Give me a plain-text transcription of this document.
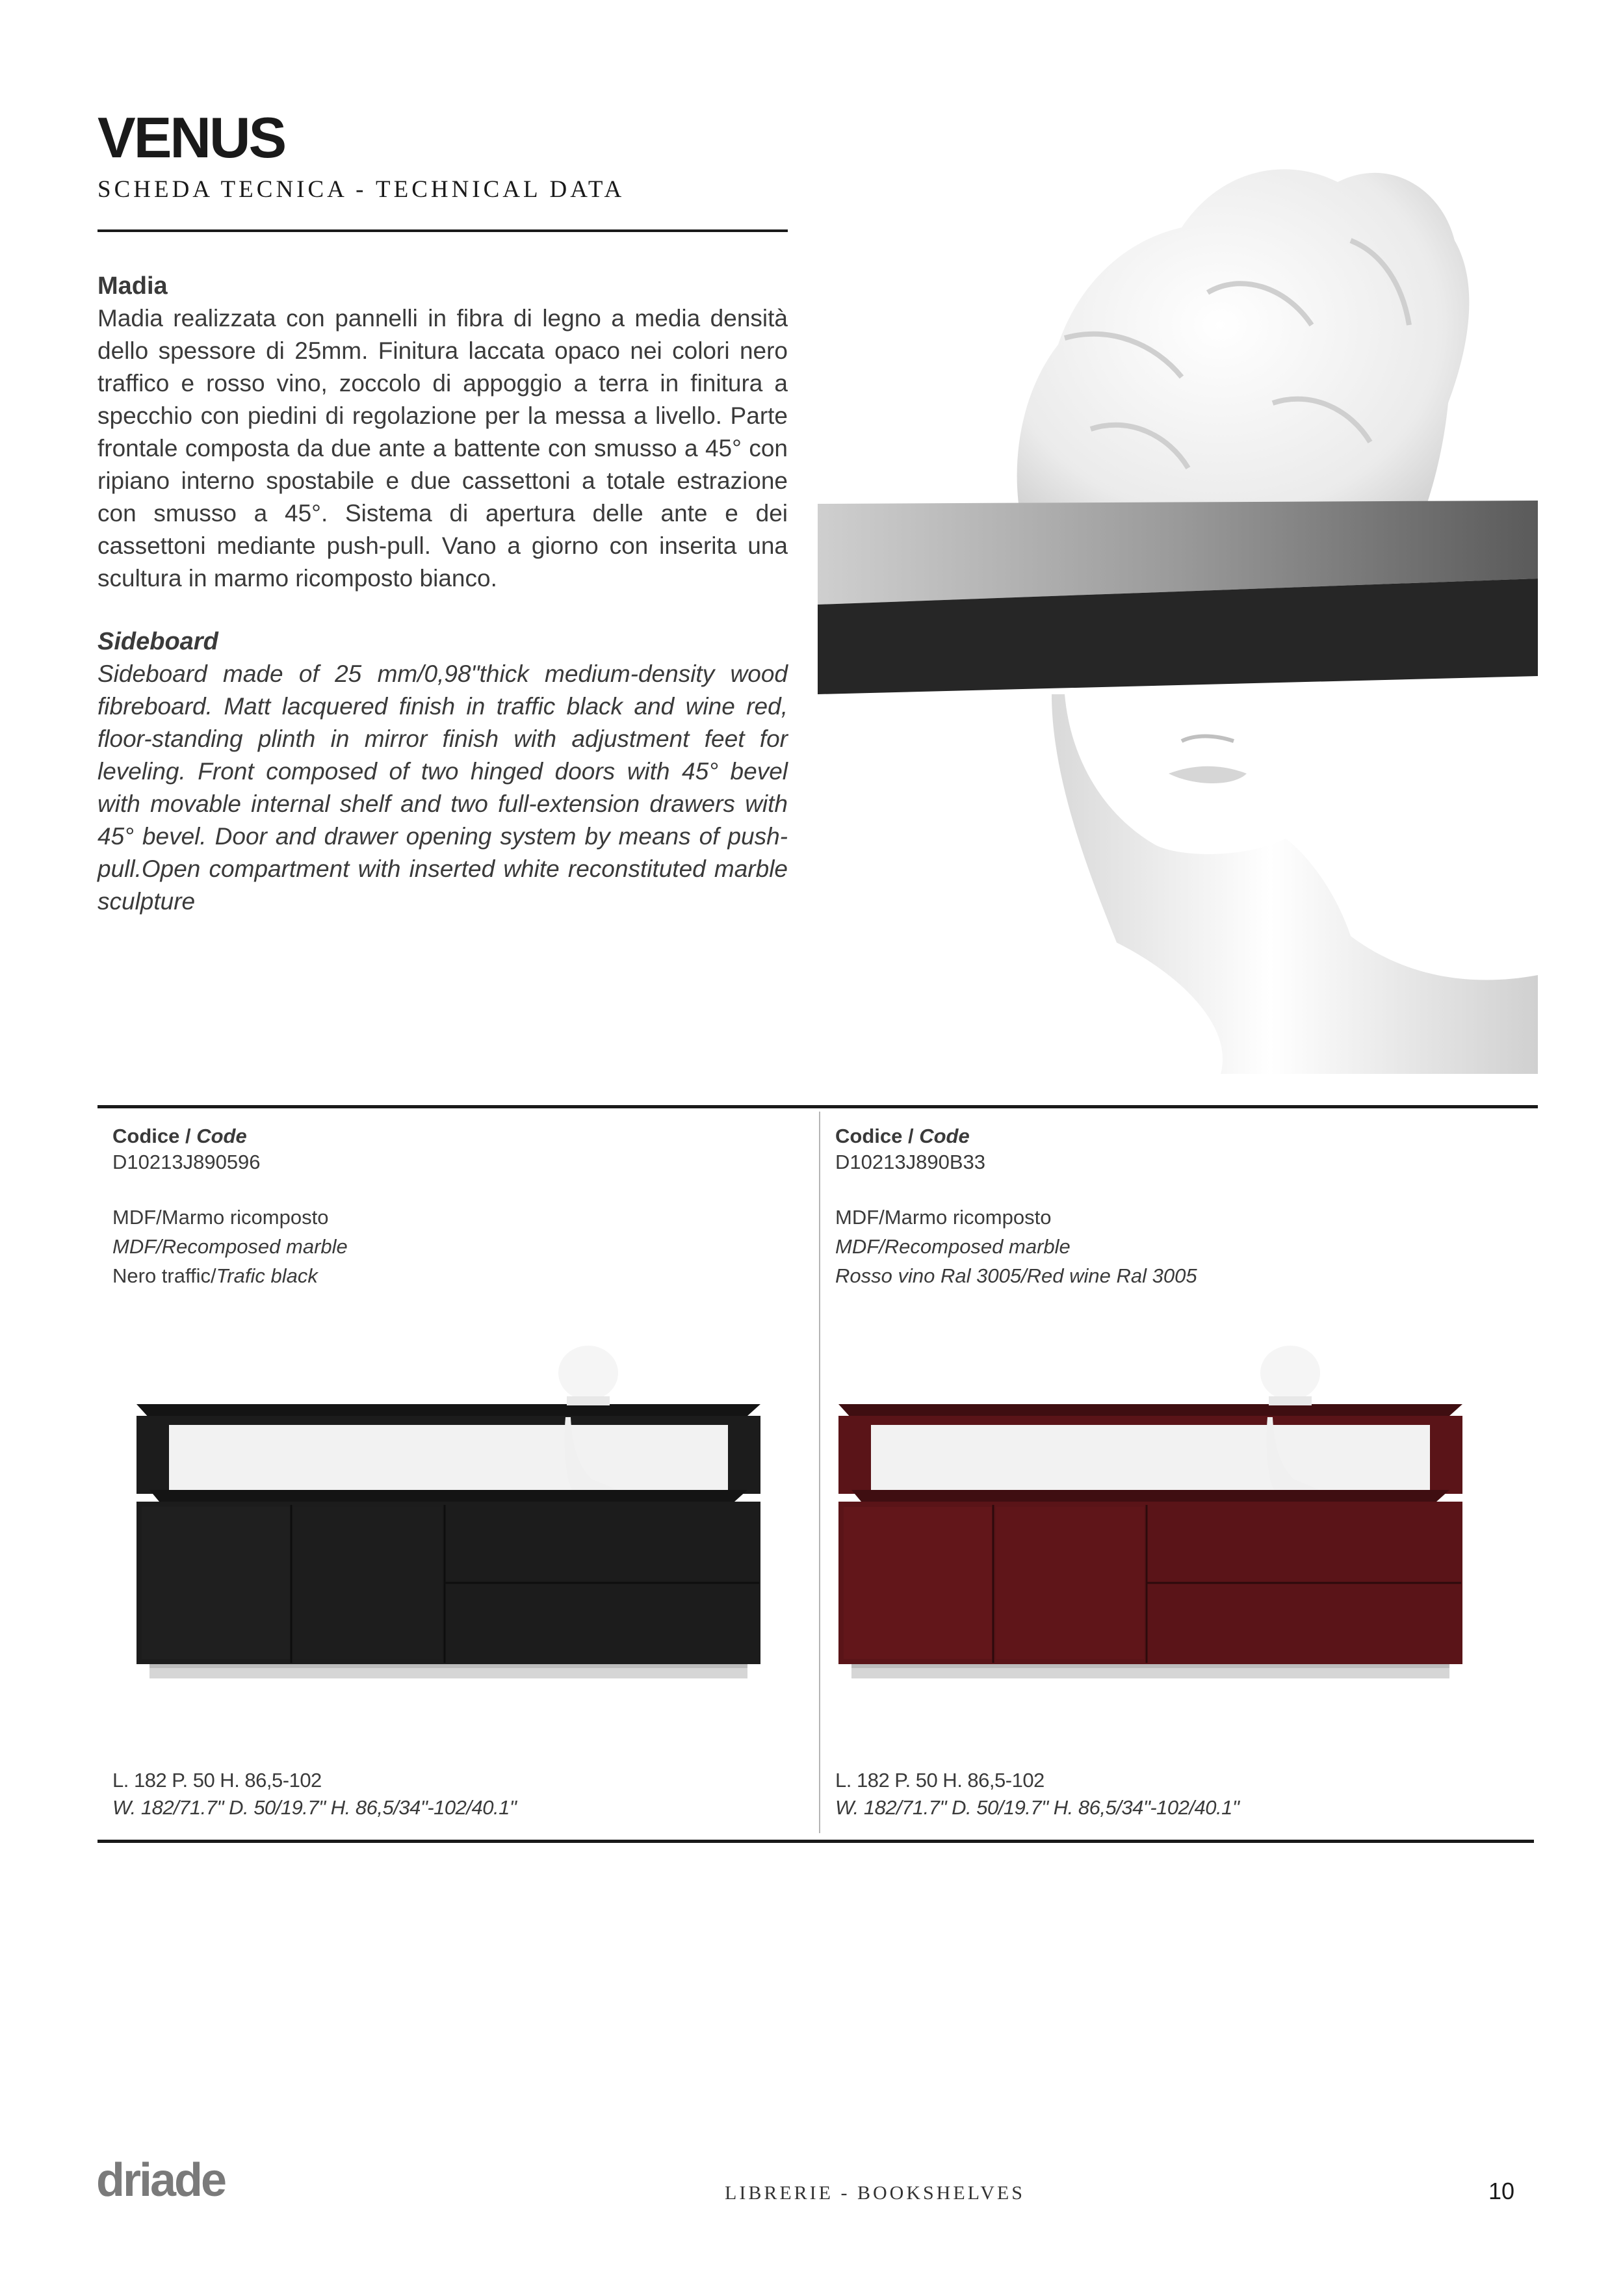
VENUS
SCHEDA TECNICA - TECHNICAL DATA
Madia

Madia realizzata con pannelli in fibra di legno a media densità dello spessore di 25mm. Finitura laccata opaco nei colori nero traffico e rosso vino, zoccolo di appoggio a terra in finitura a specchio con piedini di regolazione per la messa a livello. Parte frontale composta da due ante a battente con smusso a 45° con ripiano interno spostabile e due cassettoni a totale estrazione con smusso a 45°. Sistema di apertura delle ante e dei cassettoni mediante push-pull. Vano a giorno con inserita una scultura in marmo ricomposto bianco.

Sideboard

Sideboard made of 25 mm/0,98"thick medium-density wood fibreboard. Matt lacquered finish in traffic black and wine red, floor-standing plinth in mirror finish with adjustment feet for leveling. Front composed of two hinged doors with 45° bevel with movable internal shelf and two full-extension drawers with 45° bevel. Door and drawer opening system by means of push-pull.Open compartment with inserted white reconstituted marble sculpture

Codice / Code
D10213J890596
MDF/Marmo ricomposto
MDF/Recomposed marble
Nero traffic/Trafic black
Codice / Code
D10213J890B33
MDF/Marmo ricomposto
MDF/Recomposed marble
Rosso vino Ral 3005/Red wine Ral 3005
L. 182 P. 50 H. 86,5-102
W. 182/71.7" D. 50/19.7" H. 86,5/34"-102/40.1"
L. 182 P. 50 H. 86,5-102
W. 182/71.7" D. 50/19.7" H. 86,5/34"-102/40.1"
driade	LIBRERIE - BOOKSHELVES	10
